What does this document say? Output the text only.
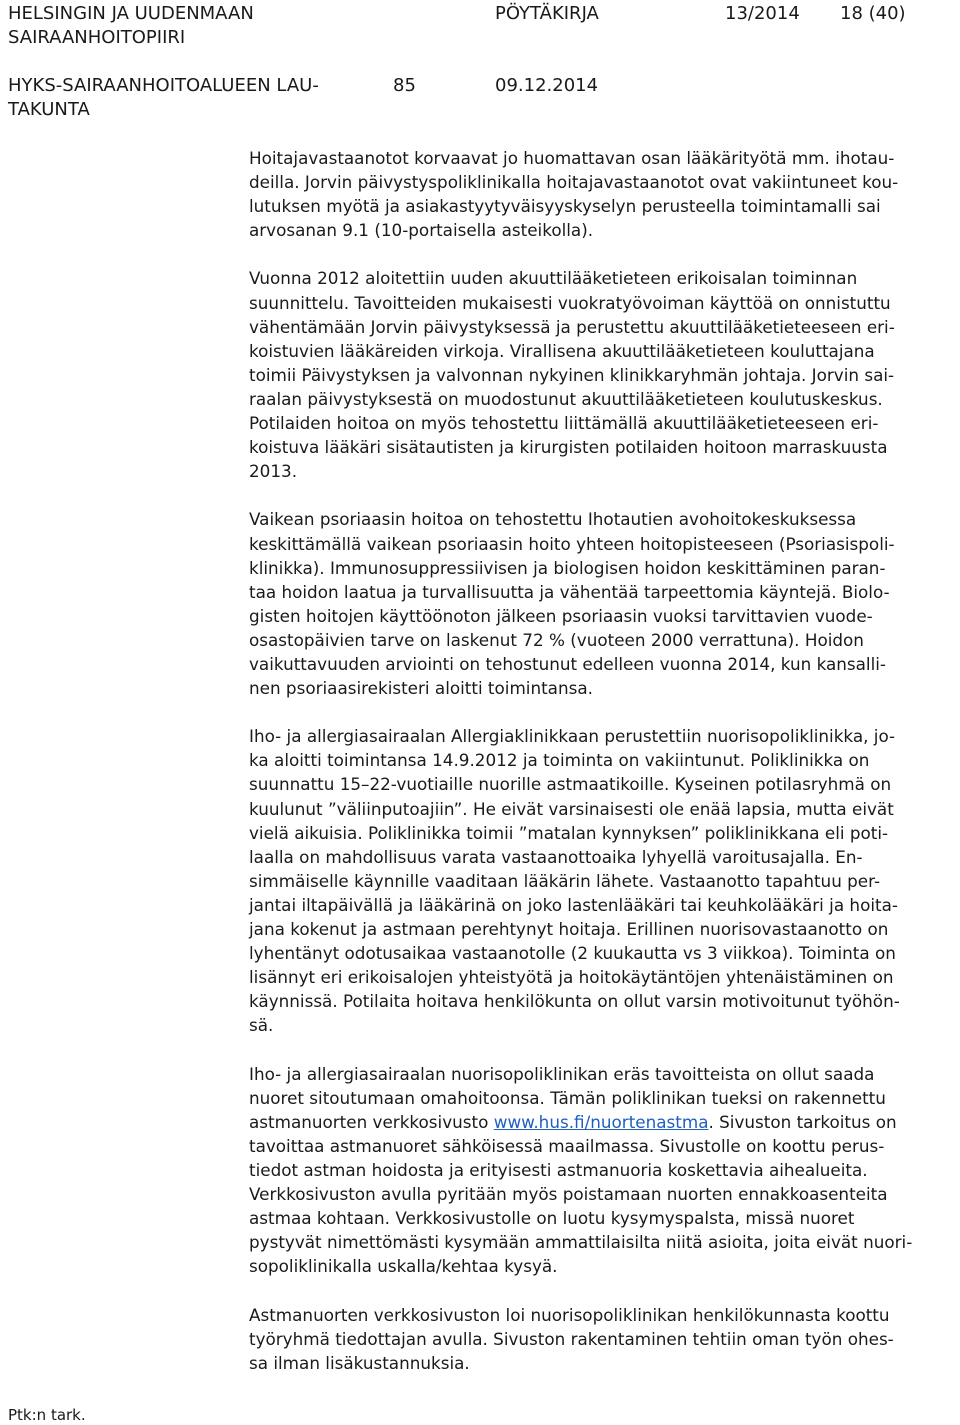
HELSINGIN JA UUDENMAAN
SAIRAANHOITOPIIRI
PÖYTÄKIRJA	13/2014 18 (40)
HYKS-SAIRAANHOITOALUEEN LAU-
TAKUNTA
85	09.12.2014

Hoitajavastaanotot korvaavat jo huomattavan osan lääkärityötä mm. ihotau-
deilla. Jorvin päivystyspoliklinikalla hoitajavastaanotot ovat vakiintuneet kou-
lutuksen myötä ja asiakastyytyväisyyskyselyn perusteella toimintamalli sai
arvosanan 9.1 (10-portaisella asteikolla).

Vuonna 2012 aloitettiin uuden akuuttilääketieteen erikoisalan toiminnan
suunnittelu. Tavoitteiden mukaisesti vuokratyövoiman käyttöä on onnistuttu
vähentämään Jorvin päivystyksessä ja perustettu akuuttilääketieteeseen eri-
koistuvien lääkäreiden virkoja. Virallisena akuuttilääketieteen kouluttajana
toimii Päivystyksen ja valvonnan nykyinen klinikkaryhmän johtaja. Jorvin sai-
raalan päivystyksestä on muodostunut akuuttilääketieteen koulutuskeskus.
Potilaiden hoitoa on myös tehostettu liittämällä akuuttilääketieteeseen eri-
koistuva lääkäri sisätautisten ja kirurgisten potilaiden hoitoon marraskuusta
2013.

Vaikean psoriaasin hoitoa on tehostettu Ihotautien avohoitokeskuksessa
keskittämällä vaikean psoriaasin hoito yhteen hoitopisteeseen (Psoriasispoli-
klinikka). Immunosuppressiivisen ja biologisen hoidon keskittäminen paran-
taa hoidon laatua ja turvallisuutta ja vähentää tarpeettomia käyntejä. Biolo-
gisten hoitojen käyttöönoton jälkeen psoriaasin vuoksi tarvittavien vuode-
osastopäivien tarve on laskenut 72 % (vuoteen 2000 verrattuna). Hoidon
vaikuttavuuden arviointi on tehostunut edelleen vuonna 2014, kun kansalli-
nen psoriaasirekisteri aloitti toimintansa.

Iho- ja allergiasairaalan Allergiaklinikkaan perustettiin nuorisopoliklinikka, jo-
ka aloitti toimintansa 14.9.2012 ja toiminta on vakiintunut. Poliklinikka on
suunnattu 15–22-vuotiaille nuorille astmaatikoille. Kyseinen potilasryhmä on
kuulunut ”väliinputoajiin”. He eivät varsinaisesti ole enää lapsia, mutta eivät
vielä aikuisia. Poliklinikka toimii ”matalan kynnyksen” poliklinikkana eli poti-
laalla on mahdollisuus varata vastaanottoaika lyhyellä varoitusajalla. En-
simmäiselle käynnille vaaditaan lääkärin lähete. Vastaanotto tapahtuu per-
jantai iltapäivällä ja lääkärinä on joko lastenlääkäri tai keuhkolääkäri ja hoita-
jana kokenut ja astmaan perehtynyt hoitaja. Erillinen nuorisovastaanotto on
lyhentänyt odotusaikaa vastaanotolle (2 kuukautta vs 3 viikkoa). Toiminta on
lisännyt eri erikoisalojen yhteistyötä ja hoitokäytäntöjen yhtenäistäminen on
käynnissä. Potilaita hoitava henkilökunta on ollut varsin motivoitunut työhön-
sä.

Iho- ja allergiasairaalan nuorisopoliklinikan eräs tavoitteista on ollut saada
nuoret sitoutumaan omahoitoonsa. Tämän poliklinikan tueksi on rakennettu
astmanuorten verkkosivusto www.hus.fi/nuortenastma. Sivuston tarkoitus on
tavoittaa astmanuoret sähköisessä maailmassa. Sivustolle on koottu perus-
tiedot astman hoidosta ja erityisesti astmanuoria koskettavia aihealueita.
Verkkosivuston avulla pyritään myös poistamaan nuorten ennakkoasenteita
astmaa kohtaan. Verkkosivustolle on luotu kysymyspalsta, missä nuoret
pystyvät nimettömästi kysymään ammattilaisilta niitä asioita, joita eivät nuori-
sopoliklinikalla uskalla/kehtaa kysyä.

Astmanuorten verkkosivuston loi nuorisopoliklinikan henkilökunnasta koottu
työryhmä tiedottajan avulla. Sivuston rakentaminen tehtiin oman työn ohes-
sa ilman lisäkustannuksia.

Ptk:n tark.
